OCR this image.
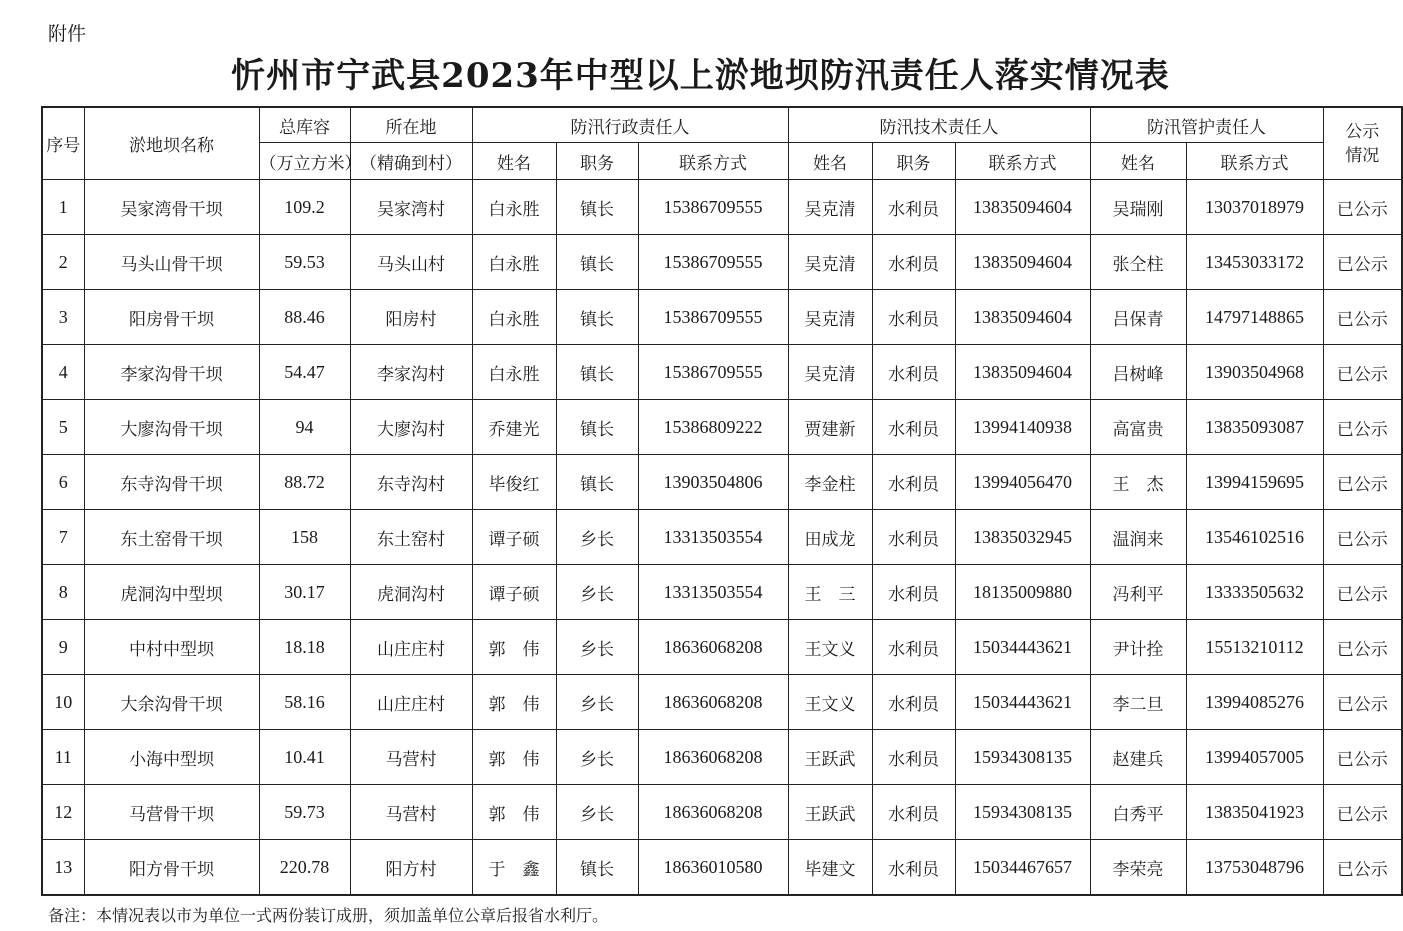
附件
忻州市宁武县2023年中型以上淤地坝防汛责任人落实情况表
序号	淤地坝名称	总库容	所在地	防汛行政责任人			防汛技术责任人			防汛管护责任人		公示
情况

		（万立方米）	（精确到村）	姓名	职务	联系方式	姓名	职务	联系方式	姓名	联系方式	
1	吴家湾骨干坝	109.2	吴家湾村	白永胜	镇长	15386709555	吴克清	水利员	13835094604	吴瑞刚	13037018979	已公示
2	马头山骨干坝	59.53	马头山村	白永胜	镇长	15386709555	吴克清	水利员	13835094604	张仝柱	13453033172	已公示
3	阳房骨干坝	88.46	阳房村	白永胜	镇长	15386709555	吴克清	水利员	13835094604	吕保青	14797148865	已公示
4	李家沟骨干坝	54.47	李家沟村	白永胜	镇长	15386709555	吴克清	水利员	13835094604	吕树峰	13903504968	已公示
5	大廖沟骨干坝	94	大廖沟村	乔建光	镇长	15386809222	贾建新	水利员	13994140938	高富贵	13835093087	已公示
6	东寺沟骨干坝	88.72	东寺沟村	毕俊红	镇长	13903504806	李金柱	水利员	13994056470	王　杰	13994159695	已公示
7	东土窑骨干坝	158	东土窑村	谭子硕	乡长	13313503554	田成龙	水利员	13835032945	温润来	13546102516	已公示
8	虎洞沟中型坝	30.17	虎洞沟村	谭子硕	乡长	13313503554	王　三	水利员	18135009880	冯利平	13333505632	已公示
9	中村中型坝	18.18	山庄庄村	郭　伟	乡长	18636068208	王文义	水利员	15034443621	尹计拴	15513210112	已公示
10	大余沟骨干坝	58.16	山庄庄村	郭　伟	乡长	18636068208	王文义	水利员	15034443621	李二旦	13994085276	已公示
11	小海中型坝	10.41	马营村	郭　伟	乡长	18636068208	王跃武	水利员	15934308135	赵建兵	13994057005	已公示
12	马营骨干坝	59.73	马营村	郭　伟	乡长	18636068208	王跃武	水利员	15934308135	白秀平	13835041923	已公示
13	阳方骨干坝	220.78	阳方村	于　鑫	镇长	18636010580	毕建文	水利员	15034467657	李荣亮	13753048796	已公示
备注：本情况表以市为单位一式两份装订成册，须加盖单位公章后报省水利厅。
